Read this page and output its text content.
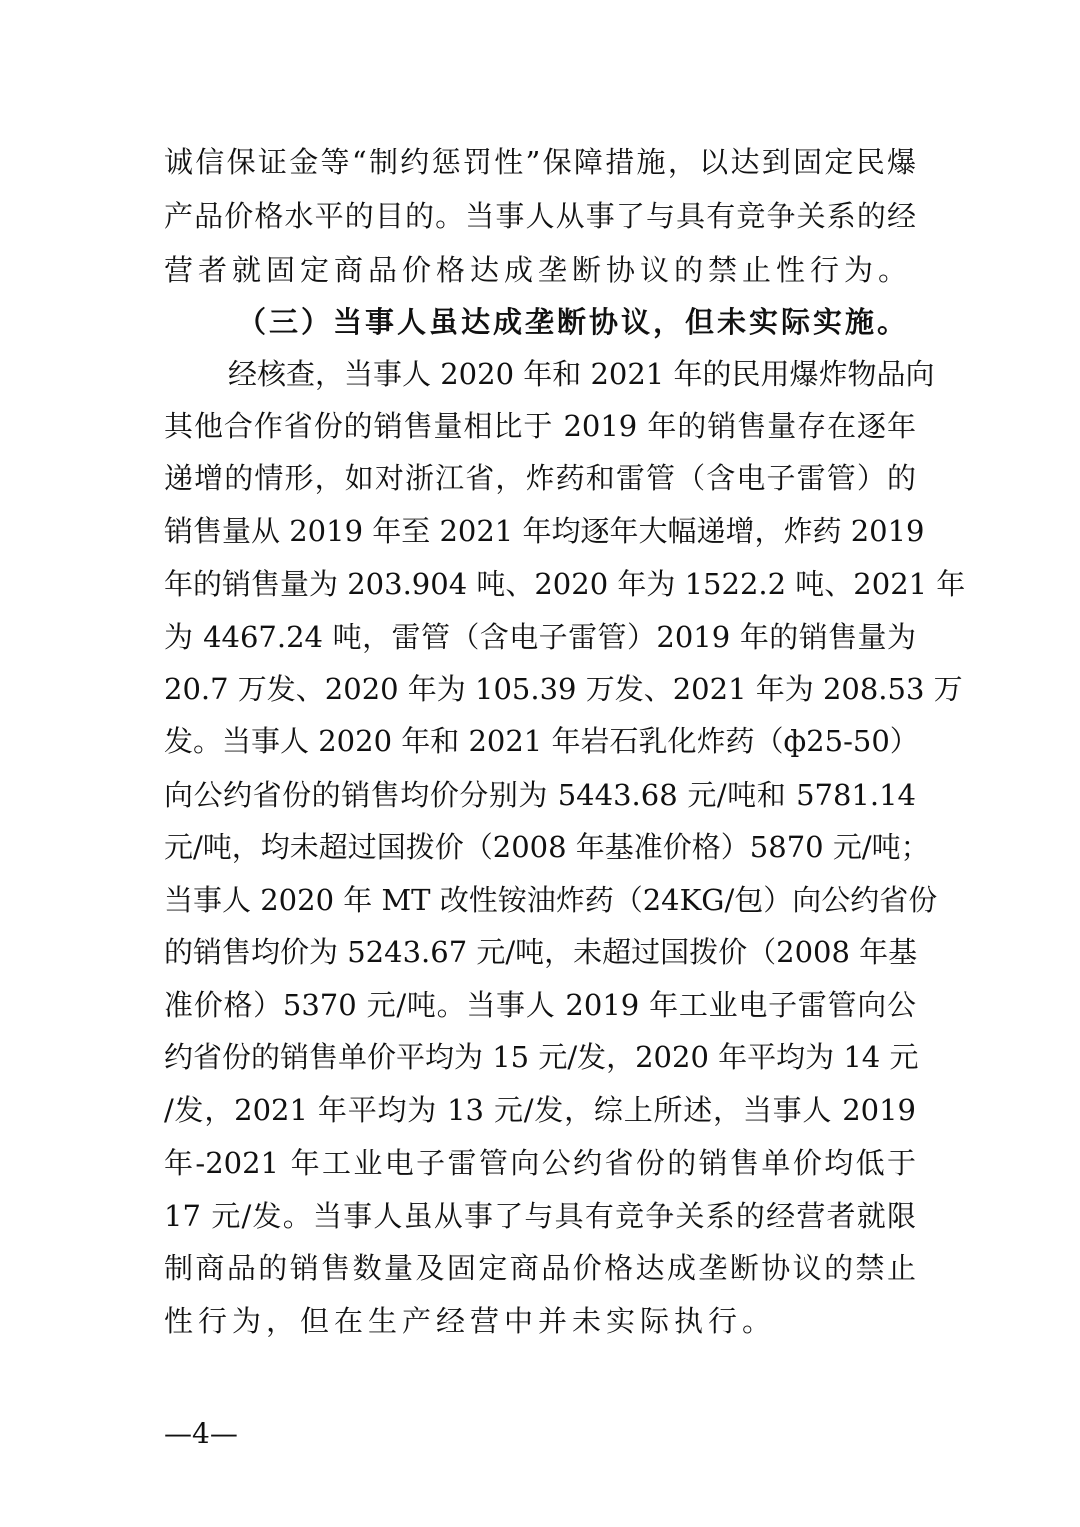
诚信保证金等“制约惩罚性”保障措施，以达到固定民爆
产品价格水平的目的。当事人从事了与具有竞争关系的经
营者就固定商品价格达成垄断协议的禁止性行为。
（三）当事人虽达成垄断协议，但未实际实施。
经核查，当事人 2020 年和 2021 年的民用爆炸物品向
其他合作省份的销售量相比于 2019 年的销售量存在逐年
递增的情形，如对浙江省，炸药和雷管（含电子雷管）的
销售量从 2019 年至 2021 年均逐年大幅递增，炸药 2019
年的销售量为 203.904 吨、2020 年为 1522.2 吨、2021 年
为 4467.24 吨，雷管（含电子雷管）2019 年的销售量为
20.7 万发、2020 年为 105.39 万发、2021 年为 208.53 万
发。当事人 2020 年和 2021 年岩石乳化炸药（ф25-50）
向公约省份的销售均价分别为 5443.68 元/吨和 5781.14
元/吨，均未超过国拨价（2008 年基准价格）5870 元/吨；
当事人 2020 年 MT 改性铵油炸药（24KG/包）向公约省份
的销售均价为 5243.67 元/吨，未超过国拨价（2008 年基
准价格）5370 元/吨。当事人 2019 年工业电子雷管向公
约省份的销售单价平均为 15 元/发，2020 年平均为 14 元
/发，2021 年平均为 13 元/发，综上所述，当事人 2019
年-2021 年工业电子雷管向公约省份的销售单价均低于
17 元/发。当事人虽从事了与具有竞争关系的经营者就限
制商品的销售数量及固定商品价格达成垄断协议的禁止
性行为，但在生产经营中并未实际执行。
—4—
